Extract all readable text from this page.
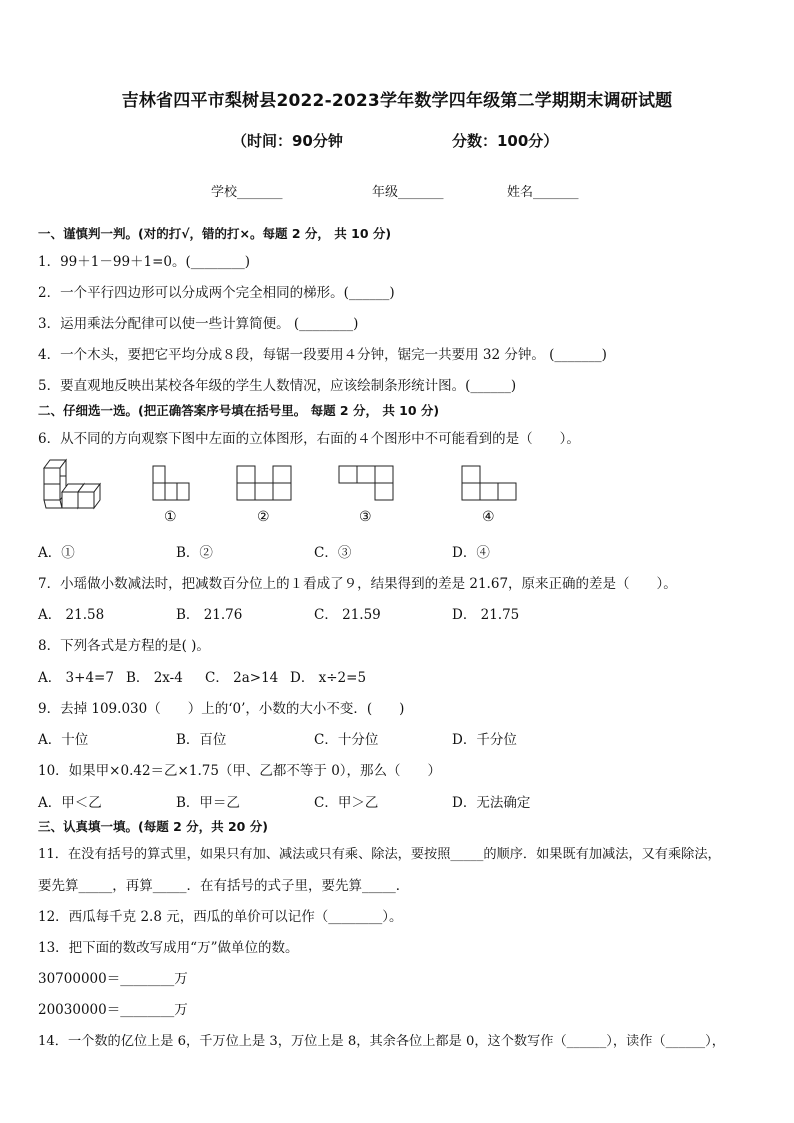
吉林省四平市梨树县2022-2023学年数学四年级第二学期期末调研试题
（时间：90分钟	分数：100分）
学校_______	年级_______	姓名_______
一、谨慎判一判。(对的打√，错的打×。每题 2 分， 共 10 分)
1．99＋1－99＋1=0。(________)
2．一个平行四边形可以分成两个完全相同的梯形。(______)
3．运用乘法分配律可以使一些计算简便。 (________)
4．一个木头，要把它平均分成８段，每锯一段要用４分钟，锯完一共要用 32 分钟。 (_______)
5．要直观地反映出某校各年级的学生人数情况，应该绘制条形统计图。(______)
二、仔细选一选。(把正确答案序号填在括号里。 每题 2 分， 共 10 分)
6．从不同的方向观察下图中左面的立体图形，右面的４个图形中不可能看到的是（　　）。
①	②	③	④
A．①	B．②	C．③	D．④
7．小瑶做小数减法时，把减数百分位上的１看成了９，结果得到的差是 21.67，原来正确的差是（　　）。
A． 21.58	B． 21.76	C． 21.59	D． 21.75
8．下列各式是方程的是( )。
A． 3+4=7 B． 2x-4 C． 2a>14 D． x÷2=5
9．去掉 109.030（　　）上的‘0’，小数的大小不变．(　　)
A．十位	B．百位	C．十分位	D．千分位
10．如果甲×0.42＝乙×1.75（甲、乙都不等于 0），那么（　　）
A．甲＜乙	B．甲＝乙	C．甲＞乙	D．无法确定
三、认真填一填。(每题 2 分，共 20 分)
11．在没有括号的算式里，如果只有加、减法或只有乘、除法，要按照_____的顺序．如果既有加减法，又有乘除法，
要先算_____，再算_____．在有括号的式子里，要先算_____．
12．西瓜每千克 2.8 元，西瓜的单价可以记作（________）。
13．把下面的数改写成用“万”做单位的数。
30700000＝________万
20030000＝________万
14．一个数的亿位上是 6，千万位上是 3，万位上是 8，其余各位上都是 0，这个数写作（______），读作（______），
